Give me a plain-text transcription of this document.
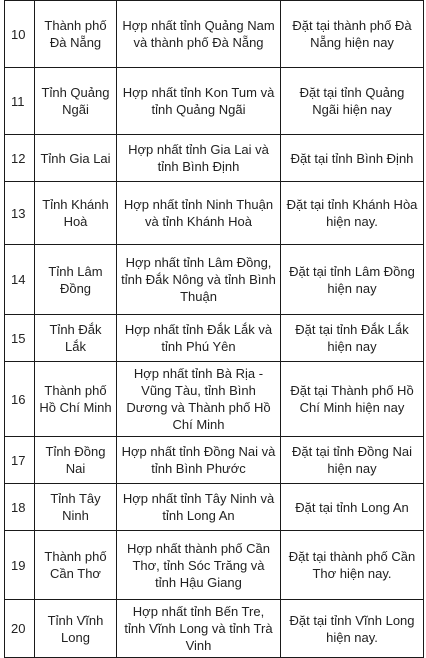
10	Thành phố Đà Nẵng	Hợp nhất tỉnh Quảng Nam và thành phố Đà Nẵng	Đặt tại thành phố Đà Nẵng hiện nay
11	Tỉnh Quảng Ngãi	Hợp nhất tỉnh Kon Tum và tỉnh Quảng Ngãi	Đặt tại tỉnh Quảng Ngãi hiện nay
12	Tỉnh Gia Lai	Hợp nhất tỉnh Gia Lai và tỉnh Bình Định	Đặt tại tỉnh Bình Định
13	Tỉnh Khánh Hoà	Hợp nhất tỉnh Ninh Thuận và tỉnh Khánh Hoà	Đặt tại tỉnh Khánh Hòa hiện nay.
14	Tỉnh Lâm Đồng	Hợp nhất tỉnh Lâm Đồng, tỉnh Đắk Nông và tỉnh Bình Thuận	Đặt tại tỉnh Lâm Đồng hiện nay
15	Tỉnh Đắk Lắk	Hợp nhất tỉnh Đắk Lắk và tỉnh Phú Yên	Đặt tại tỉnh Đắk Lắk hiện nay
16	Thành phố Hồ Chí Minh	Hợp nhất tỉnh Bà Rịa - Vũng Tàu, tỉnh Bình Dương và Thành phố Hồ Chí Minh	Đặt tại Thành phố Hồ Chí Minh hiện nay
17	Tỉnh Đồng Nai	Hợp nhất tỉnh Đồng Nai và tỉnh Bình Phước	Đặt tại tỉnh Đồng Nai hiện nay
18	Tỉnh Tây Ninh	Hợp nhất tỉnh Tây Ninh và tỉnh Long An	Đặt tại tỉnh Long An
19	Thành phố Cần Thơ	Hợp nhất thành phố Cần Thơ, tỉnh Sóc Trăng và tỉnh Hậu Giang	Đặt tại thành phố Cần Thơ hiện nay.
20	Tỉnh Vĩnh Long	Hợp nhất tỉnh Bến Tre, tỉnh Vĩnh Long và tỉnh Trà Vinh	Đặt tại tỉnh Vĩnh Long hiện nay.
